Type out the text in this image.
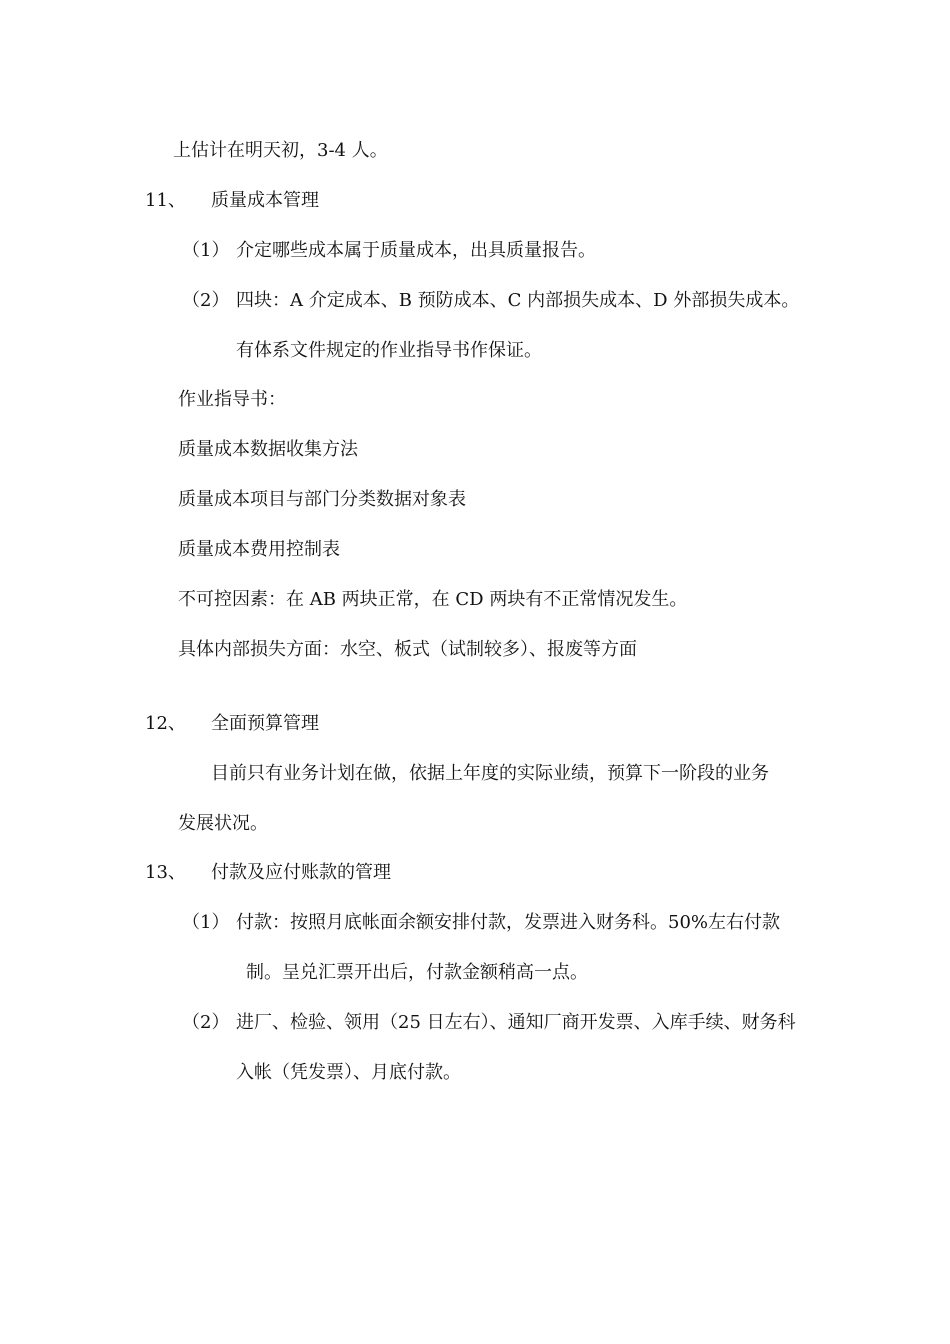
上估计在明天初，3-4 人。
11、 质量成本管理
（1） 介定哪些成本属于质量成本，出具质量报告。
（2） 四块：A 介定成本、B 预防成本、C 内部损失成本、D 外部损失成本。
有体系文件规定的作业指导书作保证。
作业指导书：
质量成本数据收集方法
质量成本项目与部门分类数据对象表
质量成本费用控制表
不可控因素：在 AB 两块正常，在 CD 两块有不正常情况发生。
具体内部损失方面：水空、板式（试制较多）、报废等方面
12、 全面预算管理
目前只有业务计划在做，依据上年度的实际业绩，预算下一阶段的业务
发展状况。
13、 付款及应付账款的管理
（1） 付款：按照月底帐面余额安排付款，发票进入财务科。50%左右付款
制。呈兑汇票开出后，付款金额稍高一点。
（2） 进厂、检验、领用（25 日左右）、通知厂商开发票、入库手续、财务科
入帐（凭发票）、月底付款。
